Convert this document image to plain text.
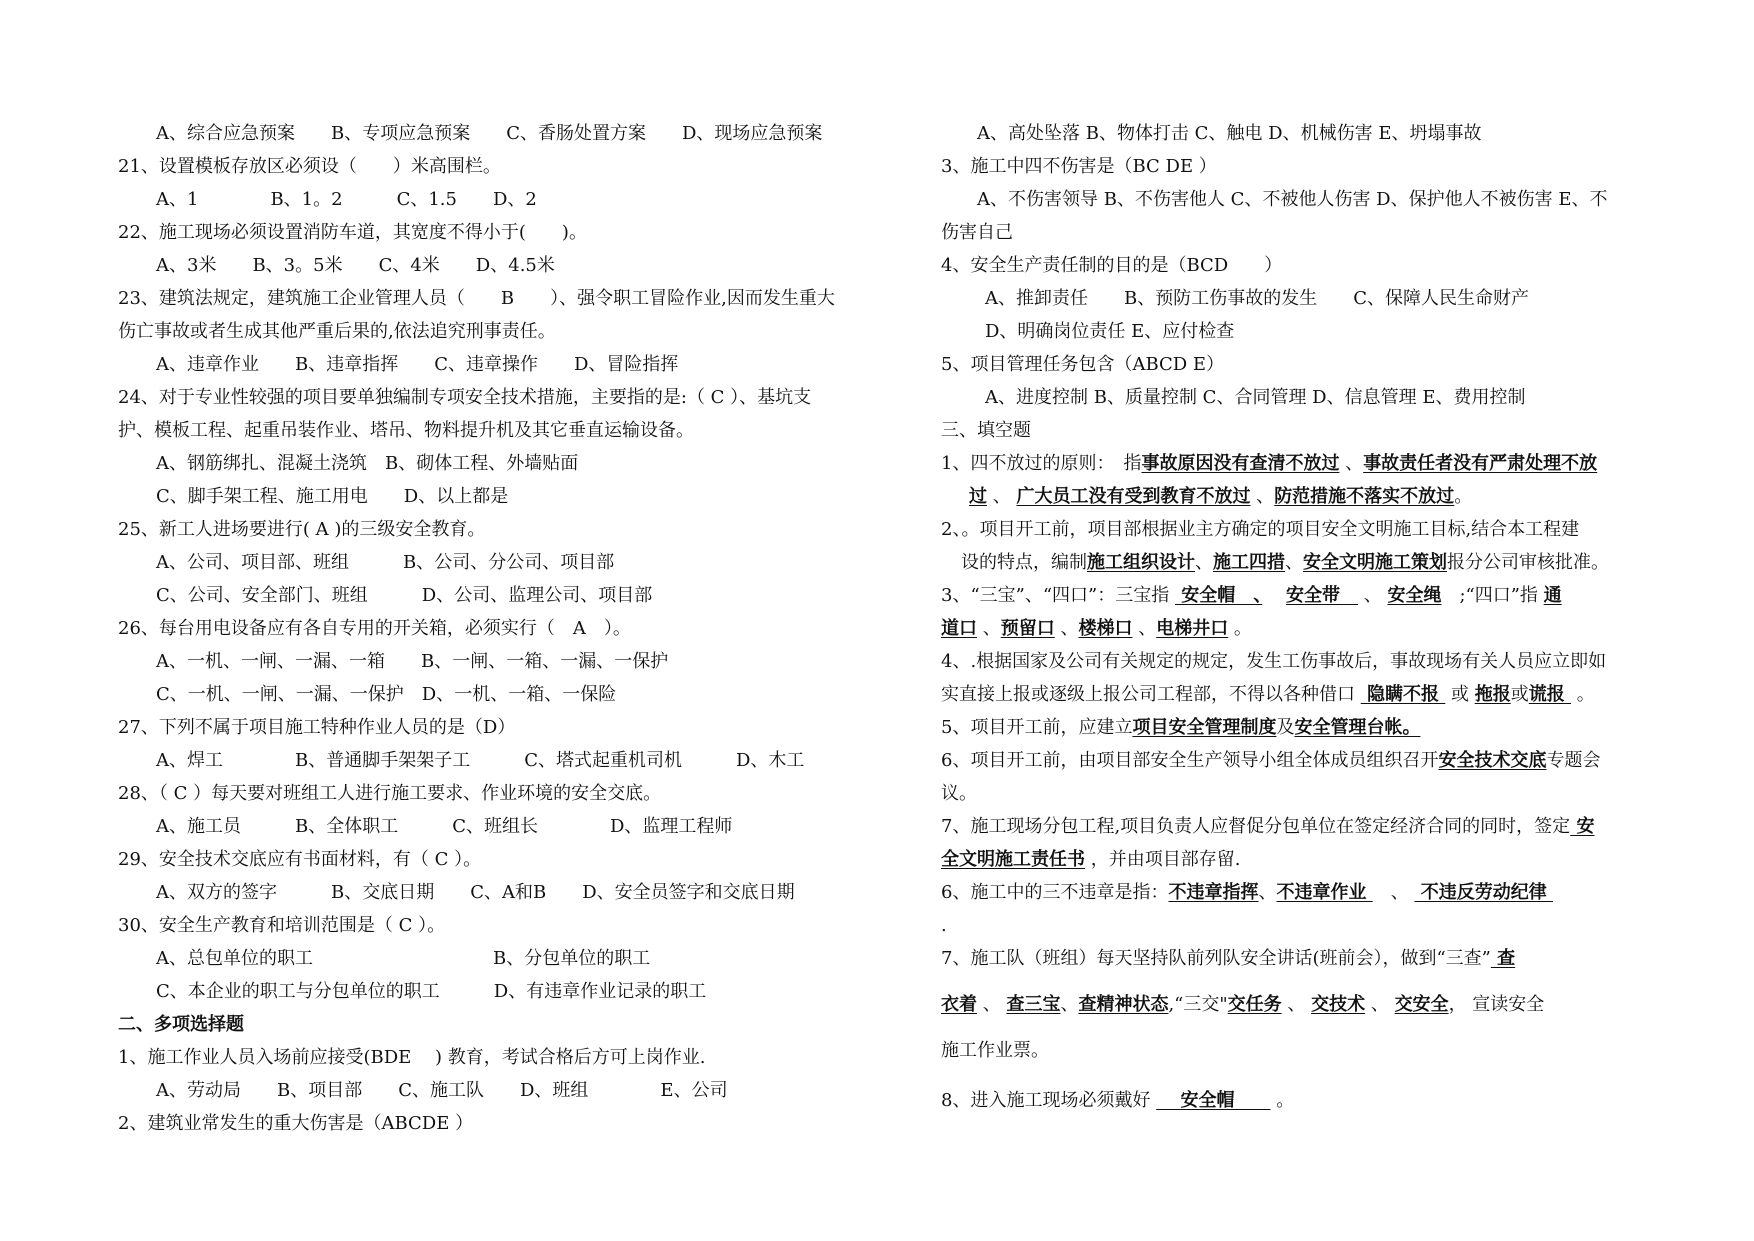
A、综合应急预案　　B、专项应急预案　　C、香肠处置方案　　D、现场应急预案
21、设置模板存放区必须设（　　）米高围栏。
A、1　　　　B、1。2　　　C、1.5　　D、2
22、施工现场必须设置消防车道，其宽度不得小于(　　)。
A、3米　　B、3。5米　　C、4米　　D、4.5米
23、建筑法规定，建筑施工企业管理人员（　　B　　）、强令职工冒险作业,因而发生重大
伤亡事故或者生成其他严重后果的,依法追究刑事责任。
A、违章作业　　B、违章指挥　　C、违章操作　　D、冒险指挥
24、对于专业性较强的项目要单独编制专项安全技术措施，主要指的是:（ C ）、基坑支
护、模板工程、起重吊装作业、塔吊、物料提升机及其它垂直运输设备。
A、钢筋绑扎、混凝土浇筑　B、砌体工程、外墙贴面
C、脚手架工程、施工用电　　D、以上都是
25、新工人进场要进行( A )的三级安全教育。
A、公司、项目部、班组　　　B、公司、分公司、项目部
C、公司、安全部门、班组　　　D、公司、监理公司、项目部
26、每台用电设备应有各自专用的开关箱，必须实行（　A　）。
A、一机、一闸、一漏、一箱　　B、一闸、一箱、一漏、一保护
C、一机、一闸、一漏、一保护　D、一机、一箱、一保险
27、下列不属于项目施工特种作业人员的是（D）
A、焊工　　　　B、普通脚手架架子工　　　C、塔式起重机司机　　　D、木工
28、（ C ）每天要对班组工人进行施工要求、作业环境的安全交底。
A、施工员　　　B、全体职工　　　C、班组长　　　　D、监理工程师
29、安全技术交底应有书面材料，有（ C ）。
A、双方的签字　　　B、交底日期　　C、A和B　　D、安全员签字和交底日期
30、安全生产教育和培训范围是（ C ）。
A、总包单位的职工　　　　　　　　　　B、分包单位的职工
C、本企业的职工与分包单位的职工　　　D、有违章作业记录的职工
二、多项选择题
1、施工作业人员入场前应接受(BDE　 ) 教育，考试合格后方可上岗作业.
A、劳动局　　B、项目部　　C、施工队　　D、班组　　　　E、公司
2、建筑业常发生的重大伤害是（ABCDE ）
A、高处坠落 B、物体打击 C、触电 D、机械伤害 E、坍塌事故
3、施工中四不伤害是（BC DE ）
A、不伤害领导 B、不伤害他人 C、不被他人伤害 D、保护他人不被伤害 E、不
伤害自己
4、安全生产责任制的目的是（BCD　　）
A、推卸责任　　B、预防工伤事故的发生　　C、保障人民生命财产
D、明确岗位责任 E、应付检查
5、项目管理任务包含（ABCD E）
A、进度控制 B、质量控制 C、合同管理 D、信息管理 E、费用控制
三、填空题
1、四不放过的原则：　指事故原因没有查清不放过 、事故责任者没有严肃处理不放
过 、 广大员工没有受到教育不放过 、防范措施不落实不放过。
2、。项目开工前，项目部根据业主方确定的项目安全文明施工目标,结合本工程建
设的特点，编制施工组织设计、施工四措、安全文明施工策划报分公司审核批准。
3、“三宝”、“四口”：三宝指  安全帽　、　 安全带　 、 安全绳　;“四口”指 通
道口 、预留口 、楼梯口 、电梯井口 。
4、.根据国家及公司有关规定的规定，发生工伤事故后，事故现场有关人员应立即如
实直接上报或逐级上报公司工程部，不得以各种借口  隐瞒不报  或 拖报或谎报  。
5、项目开工前，应建立项目安全管理制度及安全管理台帐。
6、项目开工前，由项目部安全生产领导小组全体成员组织召开安全技术交底专题会
议。
7、施工现场分包工程,项目负责人应督促分包单位在签定经济合同的同时，签定 安
全文明施工责任书 ，并由项目部存留.
6、施工中的三不违章是指：不违章指挥、不违章作业 　、  不违反劳动纪律
.
7、施工队（班组）每天坚持队前列队安全讲话(班前会），做到“三查” 查
衣着 、 查三宝、查精神状态,“三交"交任务 、 交技术 、 交安全， 宣读安全
施工作业票。
8、进入施工现场必须戴好 　 安全帽　　 。
